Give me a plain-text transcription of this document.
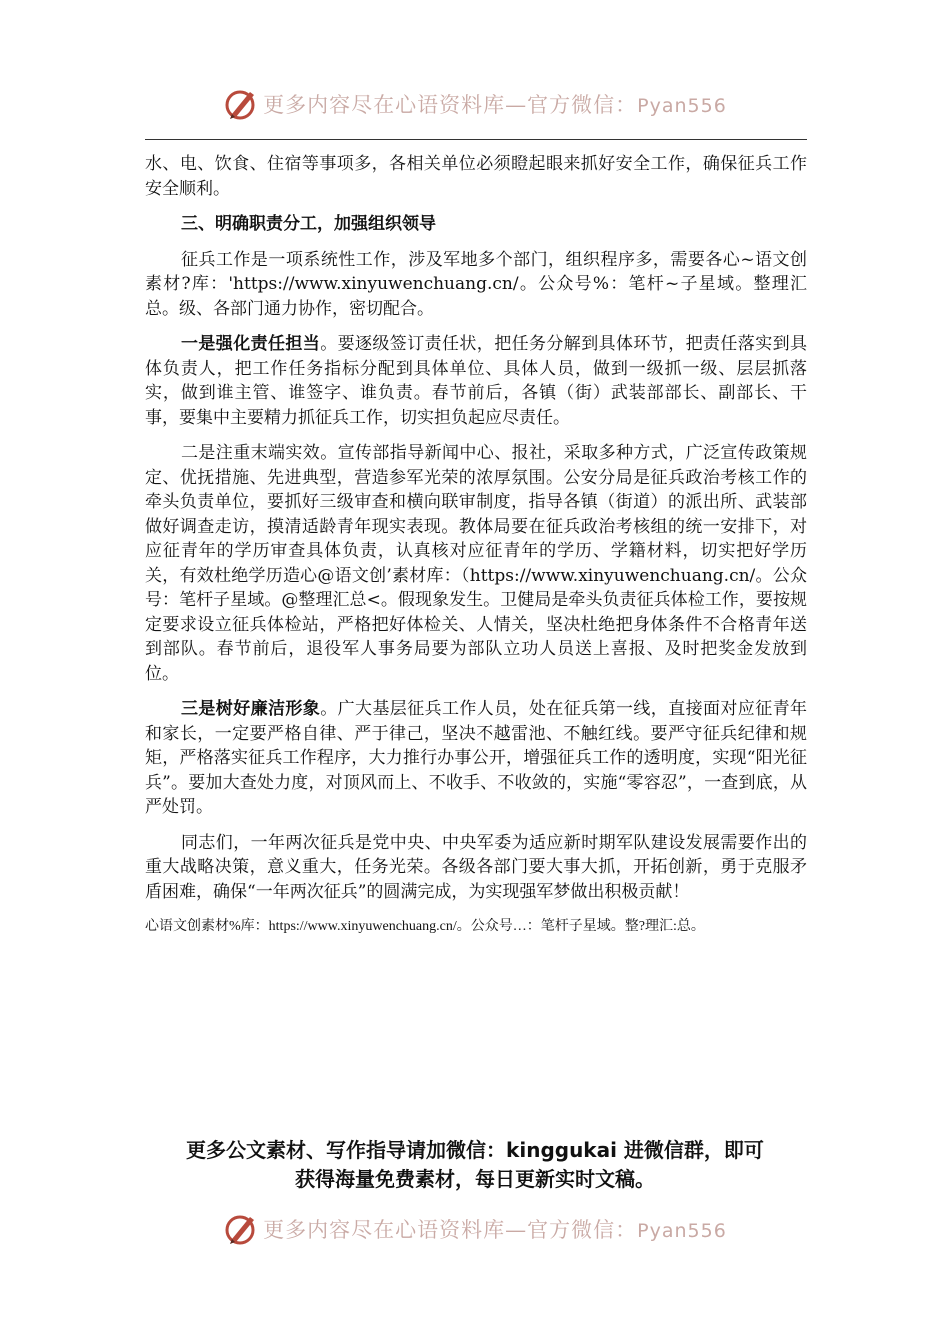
更多内容尽在心语资料库—官方微信：Pyan556

水、电、饮食、住宿等事项多，各相关单位必须瞪起眼来抓好安全工作，确保征兵工作安全顺利。

三、明确职责分工，加强组织领导

征兵工作是一项系统性工作，涉及军地多个部门，组织程序多，需要各心~语文创素材?库：'https://www.xinyuwenchuang.cn/。公众号%：笔杆~子星域。整理汇总。级、各部门通力协作，密切配合。

一是强化责任担当。要逐级签订责任状，把任务分解到具体环节，把责任落实到具体负责人，把工作任务指标分配到具体单位、具体人员，做到一级抓一级、层层抓落实，做到谁主管、谁签字、谁负责。春节前后，各镇（街）武装部部长、副部长、干事，要集中主要精力抓征兵工作，切实担负起应尽责任。

二是注重末端实效。宣传部指导新闻中心、报社，采取多种方式，广泛宣传政策规定、优抚措施、先进典型，营造参军光荣的浓厚氛围。公安分局是征兵政治考核工作的牵头负责单位，要抓好三级审查和横向联审制度，指导各镇（街道）的派出所、武装部做好调查走访，摸清适龄青年现实表现。教体局要在征兵政治考核组的统一安排下，对应征青年的学历审查具体负责，认真核对应征青年的学历、学籍材料，切实把好学历关，有效杜绝学历造心@语文创’素材库：（https://www.xinyuwenchuang.cn/。公众号：笔杆子星域。@整理汇总<。假现象发生。卫健局是牵头负责征兵体检工作，要按规定要求设立征兵体检站，严格把好体检关、人情关，坚决杜绝把身体条件不合格青年送到部队。春节前后，退役军人事务局要为部队立功人员送上喜报、及时把奖金发放到位。

三是树好廉洁形象。广大基层征兵工作人员，处在征兵第一线，直接面对应征青年和家长，一定要严格自律、严于律己，坚决不越雷池、不触红线。要严守征兵纪律和规矩，严格落实征兵工作程序，大力推行办事公开，增强征兵工作的透明度，实现“阳光征兵”。要加大查处力度，对顶风而上、不收手、不收敛的，实施“零容忍”，一查到底，从严处罚。

同志们，一年两次征兵是党中央、中央军委为适应新时期军队建设发展需要作出的重大战略决策，意义重大，任务光荣。各级各部门要大事大抓，开拓创新，勇于克服矛盾困难，确保“一年两次征兵”的圆满完成，为实现强军梦做出积极贡献！

心语文创素材%库：https://www.xinyuwenchuang.cn/。公众号…：笔杆子星域。整?理汇:总。

更多公文素材、写作指导请加微信：kinggukai 进微信群，即可
获得海量免费素材，每日更新实时文稿。
更多内容尽在心语资料库—官方微信：Pyan556
